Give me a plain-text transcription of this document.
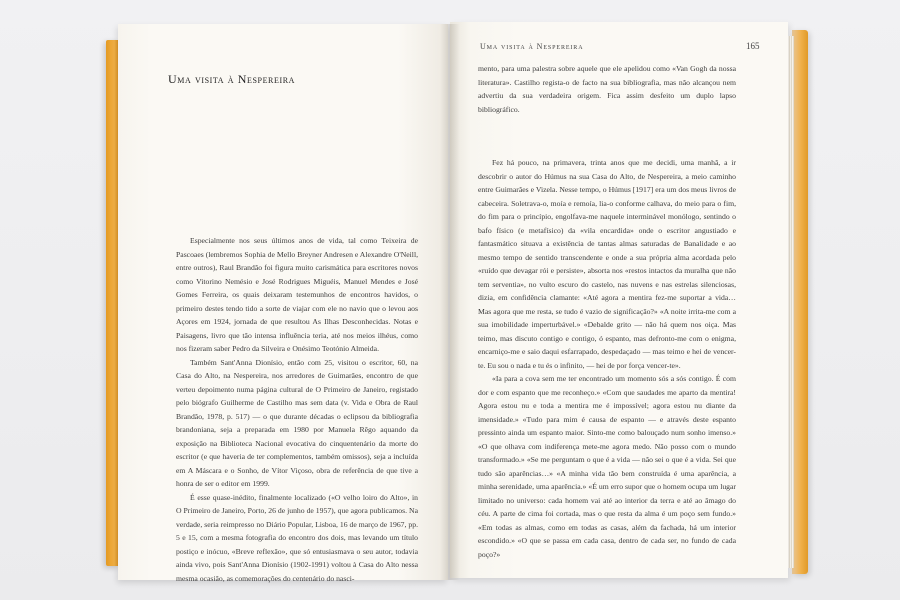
Uma visita à Nespereira

Especialmente nos seus últimos anos de vida, tal como Teixeira de Pascoaes (lembremos Sophia de Mello Breyner Andresen e Alexandre O'Neill, entre outros), Raul Brandão foi figura muito carismática para escritores novos como Vitorino Nemésio e José Rodrigues Miguéis, Manuel Mendes e José Gomes Ferreira, os quais deixaram testemunhos de encontros havidos, o primeiro destes tendo tido a sorte de viajar com ele no navio que o levou aos Açores em 1924, jornada de que resultou As Ilhas Desconhecidas. Notas e Paisagens, livro que tão intensa influência teria, até nos meios ilhéus, como nos fizeram saber Pedro da Silveira e Onésimo Teotónio Almeida.

Também Sant'Anna Dionísio, então com 25, visitou o escritor, 60, na Casa do Alto, na Nespereira, nos arredores de Guimarães, encontro de que verteu depoimento numa página cultural de O Primeiro de Janeiro, registado pelo biógrafo Guilherme de Castilho mas sem data (v. Vida e Obra de Raul Brandão, 1978, p. 517) — o que durante décadas o eclipsou da bibliografia brandoniana, seja a preparada em 1980 por Manuela Rêgo aquando da exposição na Biblioteca Nacional evocativa do cinquentenário da morte do escritor (e que haveria de ter complementos, também omissos), seja a incluída em A Máscara e o Sonho, de Vítor Viçoso, obra de referência de que tive a honra de ser o editor em 1999.

É esse quase-inédito, finalmente localizado («O velho loiro do Alto», in O Primeiro de Janeiro, Porto, 26 de junho de 1957), que agora publicamos. Na verdade, seria reimpresso no Diário Popular, Lisboa, 16 de março de 1967, pp. 5 e 15, com a mesma fotografia do encontro dos dois, mas levando um título postiço e inócuo, «Breve reflexão», que só entusiasmava o seu autor, todavia ainda vivo, pois Sant'Anna Dionísio (1902-1991) voltou à Casa do Alto nessa mesma ocasião, as comemorações do centenário do nasci-

Uma visita à Nespereira	165

mento, para uma palestra sobre aquele que ele apelidou como «Van Gogh da nossa literatura». Castilho regista-o de facto na sua bibliografia, mas não alcançou nem advertiu da sua verdadeira origem. Fica assim desfeito um duplo lapso bibliográfico.

Fez há pouco, na primavera, trinta anos que me decidi, uma manhã, a ir descobrir o autor do Húmus na sua Casa do Alto, de Nespereira, a meio caminho entre Guimarães e Vizela. Nesse tempo, o Húmus [1917] era um dos meus livros de cabeceira. Soletrava-o, moía e remoía, lia-o conforme calhava, do meio para o fim, do fim para o princípio, engolfava-me naquele interminável monólogo, sentindo o bafo físico (e metafísico) da «vila encardida» onde o escritor angustiado e fantasmático situava a existência de tantas almas saturadas de Banalidade e ao mesmo tempo de sentido transcendente e onde a sua própria alma acordada pelo «ruído que devagar rói e persiste», absorta nos «restos intactos da muralha que não tem serventia», no vulto escuro do castelo, nas nuvens e nas estrelas silenciosas, dizia, em confidência clamante: «Até agora a mentira fez-me suportar a vida… Mas agora que me resta, se tudo é vazio de significação?» «A noite irrita-me com a sua imobilidade imperturbável.» «Debalde grito — não há quem nos oiça. Mas teimo, mas discuto contigo e contigo, ó espanto, mas defronto-me com o enigma, encarniço-me e saio daqui esfarrapado, despedaçado — mas teimo e hei de vencer-te. Eu sou o nada e tu és o infinito, — hei de por força vencer-te».

«Ia para a cova sem me ter encontrado um momento sós a sós contigo. É com dor e com espanto que me reconheço.» «Com que saudades me aparto da mentira! Agora estou nu e toda a mentira me é impossível; agora estou nu diante da imensidade.» «Tudo para mim é causa de espanto — e através deste espanto pressinto ainda um espanto maior. Sinto-me como balouçado num sonho imenso.» «O que olhava com indiferença mete-me agora medo. Não posso com o mundo transformado.» «Se me perguntam o que é a vida — não sei o que é a vida. Sei que tudo são aparências…» «A minha vida tão bem construída é uma aparência, a minha serenidade, uma aparência.» «É um erro supor que o homem ocupa um lugar limitado no universo: cada homem vai até ao interior da terra e até ao âmago do céu. A parte de cima foi cortada, mas o que resta da alma é um poço sem fundo.» «Em todas as almas, como em todas as casas, além da fachada, há um interior escondido.» «O que se passa em cada casa, dentro de cada ser, no fundo de cada poço?»
